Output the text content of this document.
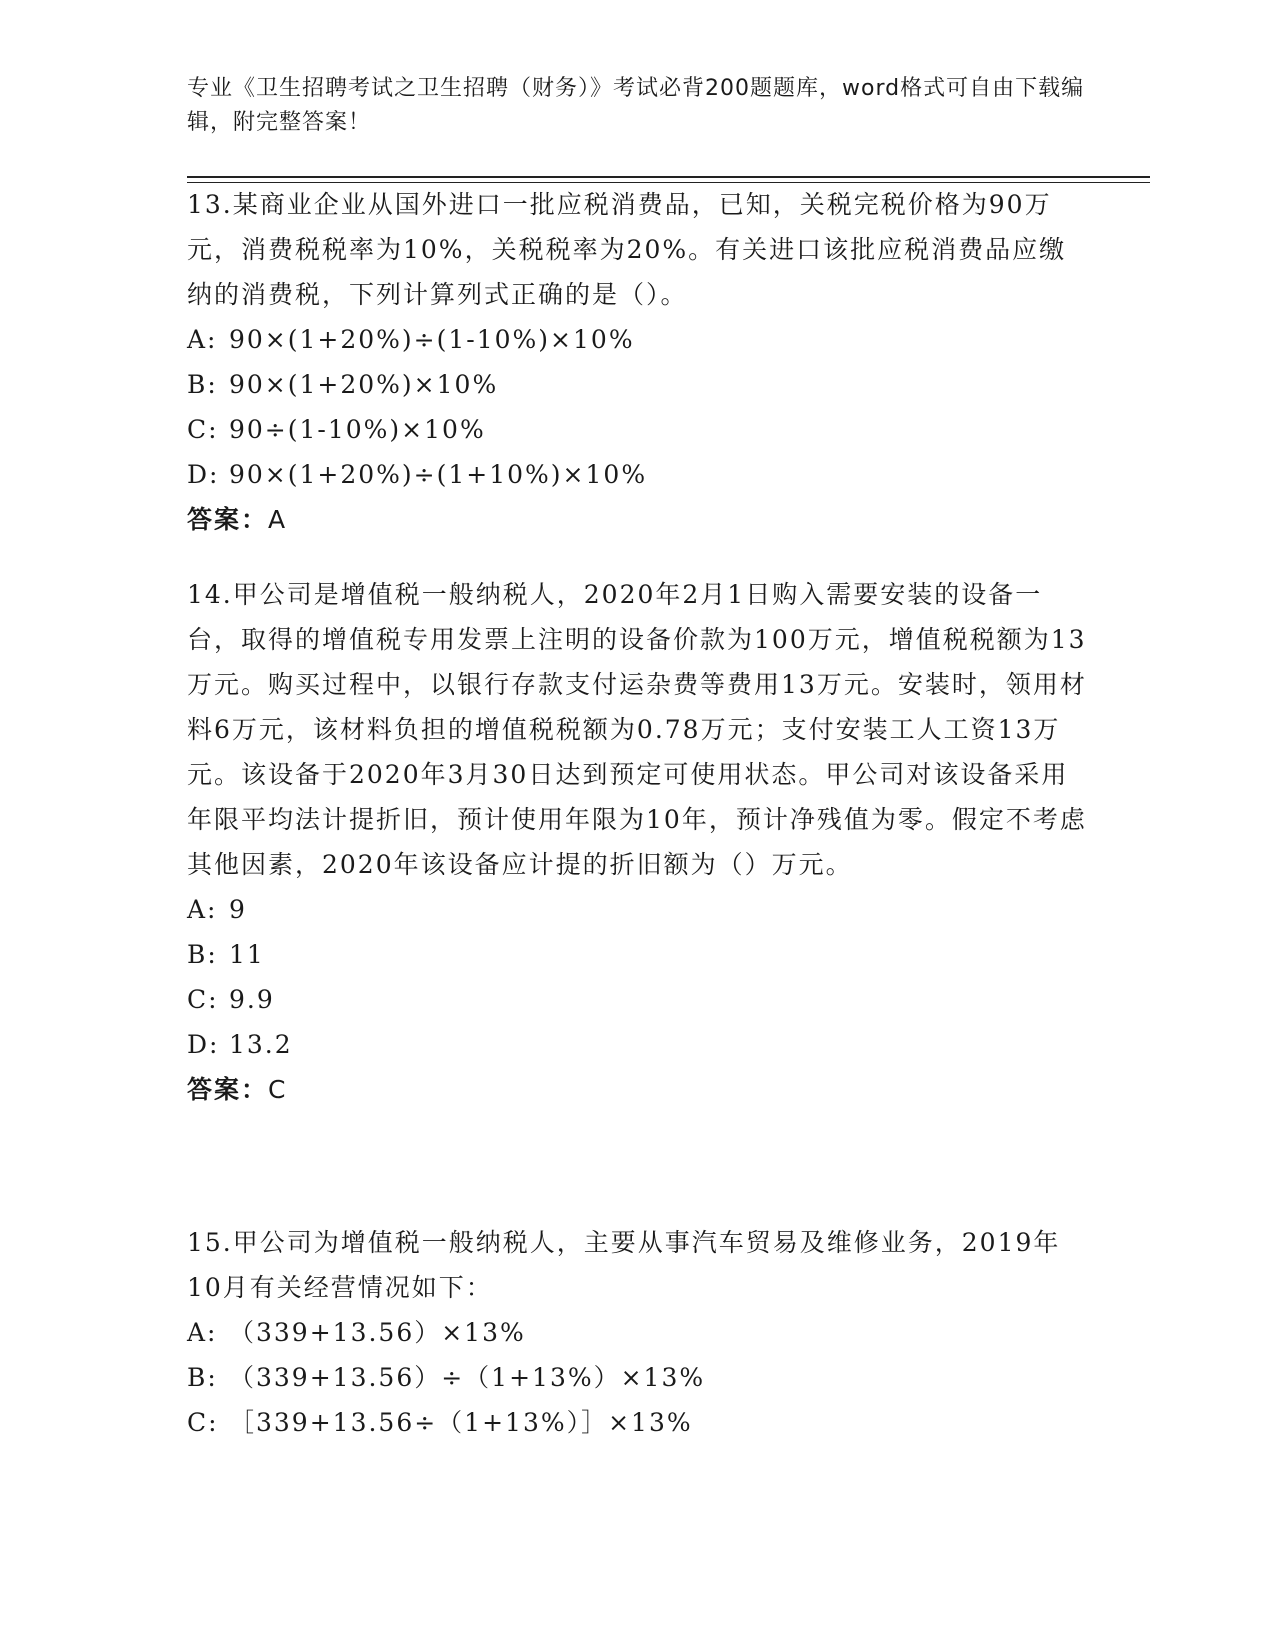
专业《卫生招聘考试之卫生招聘（财务）》考试必背200题题库，word格式可自由下载编辑，附完整答案！
13.某商业企业从国外进口一批应税消费品，已知，关税完税价格为90万元，消费税税率为10%，关税税率为20%。有关进口该批应税消费品应缴纳的消费税，下列计算列式正确的是（）。
A: 90×(1+20%)÷(1-10%)×10%
B: 90×(1+20%)×10%
C: 90÷(1-10%)×10%
D: 90×(1+20%)÷(1+10%)×10%
答案：A
14.甲公司是增值税一般纳税人，2020年2月1日购入需要安装的设备一台，取得的增值税专用发票上注明的设备价款为100万元，增值税税额为13万元。购买过程中，以银行存款支付运杂费等费用13万元。安装时，领用材料6万元，该材料负担的增值税税额为0.78万元；支付安装工人工资13万元。该设备于2020年3月30日达到预定可使用状态。甲公司对该设备采用年限平均法计提折旧，预计使用年限为10年，预计净残值为零。假定不考虑其他因素，2020年该设备应计提的折旧额为（）万元。
A: 9
B: 11
C: 9.9
D: 13.2
答案：C
15.甲公司为增值税一般纳税人，主要从事汽车贸易及维修业务，2019年10月有关经营情况如下：
A: （339+13.56）×13%
B: （339+13.56）÷（1+13%）×13%
C: ［339+13.56÷（1+13%）］×13%
